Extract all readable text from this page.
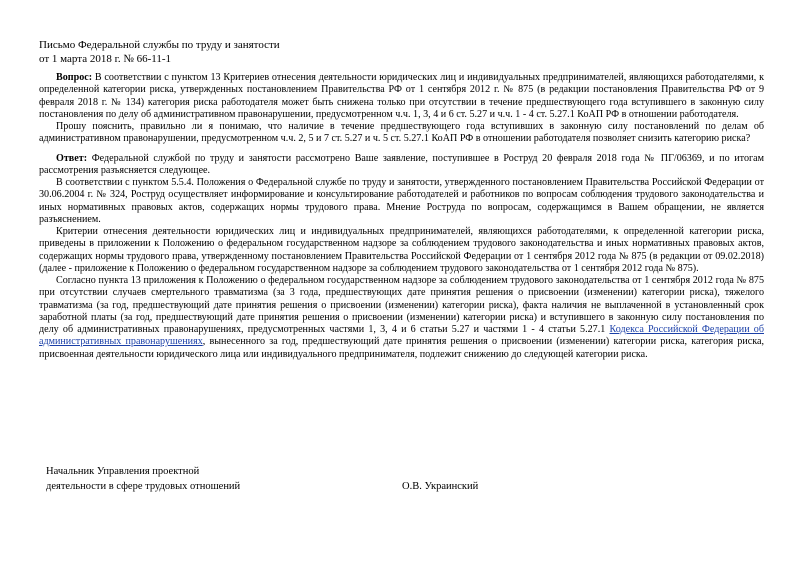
Письмо Федеральной службы по труду и занятости
от 1 марта 2018 г. № 66-11-1

Вопрос: В соответствии с пунктом 13 Критериев отнесения деятельности юридических лиц и индивидуальных предпринимателей, являющихся работодателями, к определенной категории риска, утвержденных постановлением Правительства РФ от 1 сентября 2012 г. № 875 (в редакции постановления Правительства РФ от 9 февраля 2018 г. № 134) категория риска работодателя может быть снижена только при отсутствии в течение предшествующего года вступившего в законную силу постановления по делу об административном правонарушении, предусмотренном ч.ч. 1, 3, 4 и 6 ст. 5.27 и ч.ч. 1 - 4 ст. 5.27.1 КоАП РФ в отношении работодателя.

Прошу пояснить, правильно ли я понимаю, что наличие в течение предшествующего года вступивших в законную силу постановлений по делам об административном правонарушении, предусмотренном ч.ч. 2, 5 и 7 ст. 5.27 и ч. 5 ст. 5.27.1 КоАП РФ в отношении работодателя позволяет снизить категорию риска?

Ответ: Федеральной службой по труду и занятости рассмотрено Ваше заявление, поступившее в Роструд 20 февраля 2018 года № ПГ/06369, и по итогам рассмотрения разъясняется следующее.

В соответствии с пунктом 5.5.4. Положения о Федеральной службе по труду и занятости, утвержденного постановлением Правительства Российской Федерации от 30.06.2004 г. № 324, Роструд осуществляет информирование и консультирование работодателей и работников по вопросам соблюдения трудового законодательства и иных нормативных правовых актов, содержащих нормы трудового права. Мнение Роструда по вопросам, содержащимся в Вашем обращении, не является разъяснением.

Критерии отнесения деятельности юридических лиц и индивидуальных предпринимателей, являющихся работодателями, к определенной категории риска, приведены в приложении к Положению о федеральном государственном надзоре за соблюдением трудового законодательства и иных нормативных правовых актов, содержащих нормы трудового права, утвержденному постановлением Правительства Российской Федерации от 1 сентября 2012 года № 875 (в редакции от 09.02.2018) (далее - приложение к Положению о федеральном государственном надзоре за соблюдением трудового законодательства от 1 сентября 2012 года № 875).

Согласно пункта 13 приложения к Положению о федеральном государственном надзоре за соблюдением трудового законодательства от 1 сентября 2012 года № 875 при отсутствии случаев смертельного травматизма (за 3 года, предшествующих дате принятия решения о присвоении (изменении) категории риска), тяжелого травматизма (за год, предшествующий дате принятия решения о присвоении (изменении) категории риска), факта наличия не выплаченной в установленный срок заработной платы (за год, предшествующий дате принятия решения о присвоении (изменении) категории риска) и вступившего в законную силу постановления по делу об административных правонарушениях, предусмотренных частями 1, 3, 4 и 6 статьи 5.27 и частями 1 - 4 статьи 5.27.1 Кодекса Российской Федерации об административных правонарушениях, вынесенного за год, предшествующий дате принятия решения о присвоении (изменении) категории риска, категория риска, присвоенная деятельности юридического лица или индивидуального предпринимателя, подлежит снижению до следующей категории риска.

Начальник Управления проектной
деятельности в сфере трудовых отношений	О.В. Украинский
